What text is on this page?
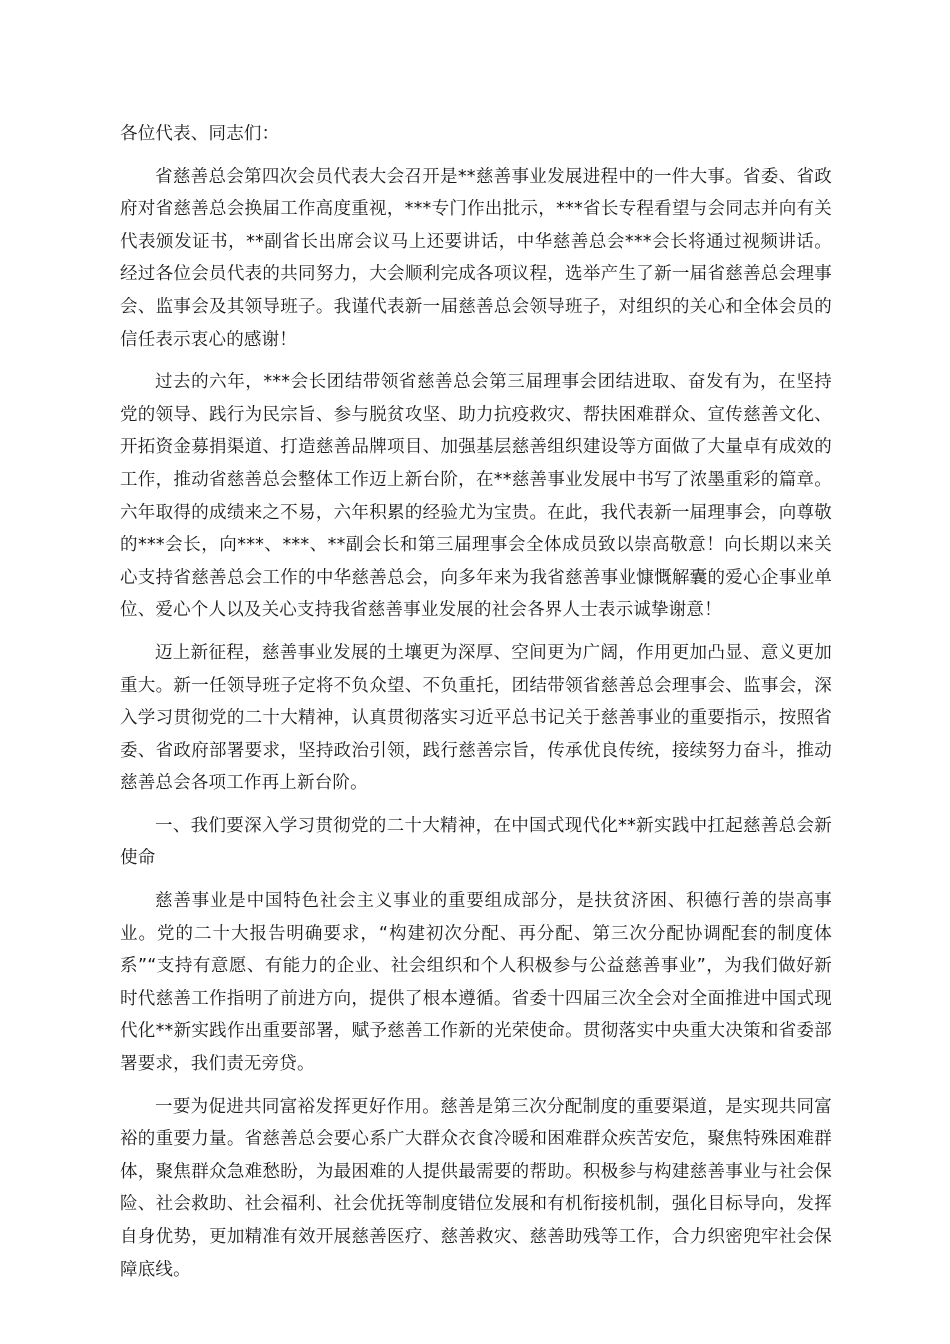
各位代表、同志们：

省慈善总会第四次会员代表大会召开是**慈善事业发展进程中的一件大事。省委、省政府对省慈善总会换届工作高度重视，***专门作出批示，***省长专程看望与会同志并向有关代表颁发证书，**副省长出席会议马上还要讲话，中华慈善总会***会长将通过视频讲话。经过各位会员代表的共同努力，大会顺利完成各项议程，选举产生了新一届省慈善总会理事会、监事会及其领导班子。我谨代表新一届慈善总会领导班子，对组织的关心和全体会员的信任表示衷心的感谢！

过去的六年，***会长团结带领省慈善总会第三届理事会团结进取、奋发有为，在坚持党的领导、践行为民宗旨、参与脱贫攻坚、助力抗疫救灾、帮扶困难群众、宣传慈善文化、开拓资金募捐渠道、打造慈善品牌项目、加强基层慈善组织建设等方面做了大量卓有成效的工作，推动省慈善总会整体工作迈上新台阶，在**慈善事业发展中书写了浓墨重彩的篇章。六年取得的成绩来之不易，六年积累的经验尤为宝贵。在此，我代表新一届理事会，向尊敬的***会长，向***、***、**副会长和第三届理事会全体成员致以崇高敬意！向长期以来关心支持省慈善总会工作的中华慈善总会，向多年来为我省慈善事业慷慨解囊的爱心企事业单位、爱心个人以及关心支持我省慈善事业发展的社会各界人士表示诚挚谢意！

迈上新征程，慈善事业发展的土壤更为深厚、空间更为广阔，作用更加凸显、意义更加重大。新一任领导班子定将不负众望、不负重托，团结带领省慈善总会理事会、监事会，深入学习贯彻党的二十大精神，认真贯彻落实习近平总书记关于慈善事业的重要指示，按照省委、省政府部署要求，坚持政治引领，践行慈善宗旨，传承优良传统，接续努力奋斗，推动慈善总会各项工作再上新台阶。

一、我们要深入学习贯彻党的二十大精神，在中国式现代化**新实践中扛起慈善总会新使命

慈善事业是中国特色社会主义事业的重要组成部分，是扶贫济困、积德行善的崇高事业。党的二十大报告明确要求，“构建初次分配、再分配、第三次分配协调配套的制度体系”“支持有意愿、有能力的企业、社会组织和个人积极参与公益慈善事业”，为我们做好新时代慈善工作指明了前进方向，提供了根本遵循。省委十四届三次全会对全面推进中国式现代化**新实践作出重要部署，赋予慈善工作新的光荣使命。贯彻落实中央重大决策和省委部署要求，我们责无旁贷。

一要为促进共同富裕发挥更好作用。慈善是第三次分配制度的重要渠道，是实现共同富裕的重要力量。省慈善总会要心系广大群众衣食冷暖和困难群众疾苦安危，聚焦特殊困难群体，聚焦群众急难愁盼，为最困难的人提供最需要的帮助。积极参与构建慈善事业与社会保险、社会救助、社会福利、社会优抚等制度错位发展和有机衔接机制，强化目标导向，发挥自身优势，更加精准有效开展慈善医疗、慈善救灾、慈善助残等工作，合力织密兜牢社会保障底线。
